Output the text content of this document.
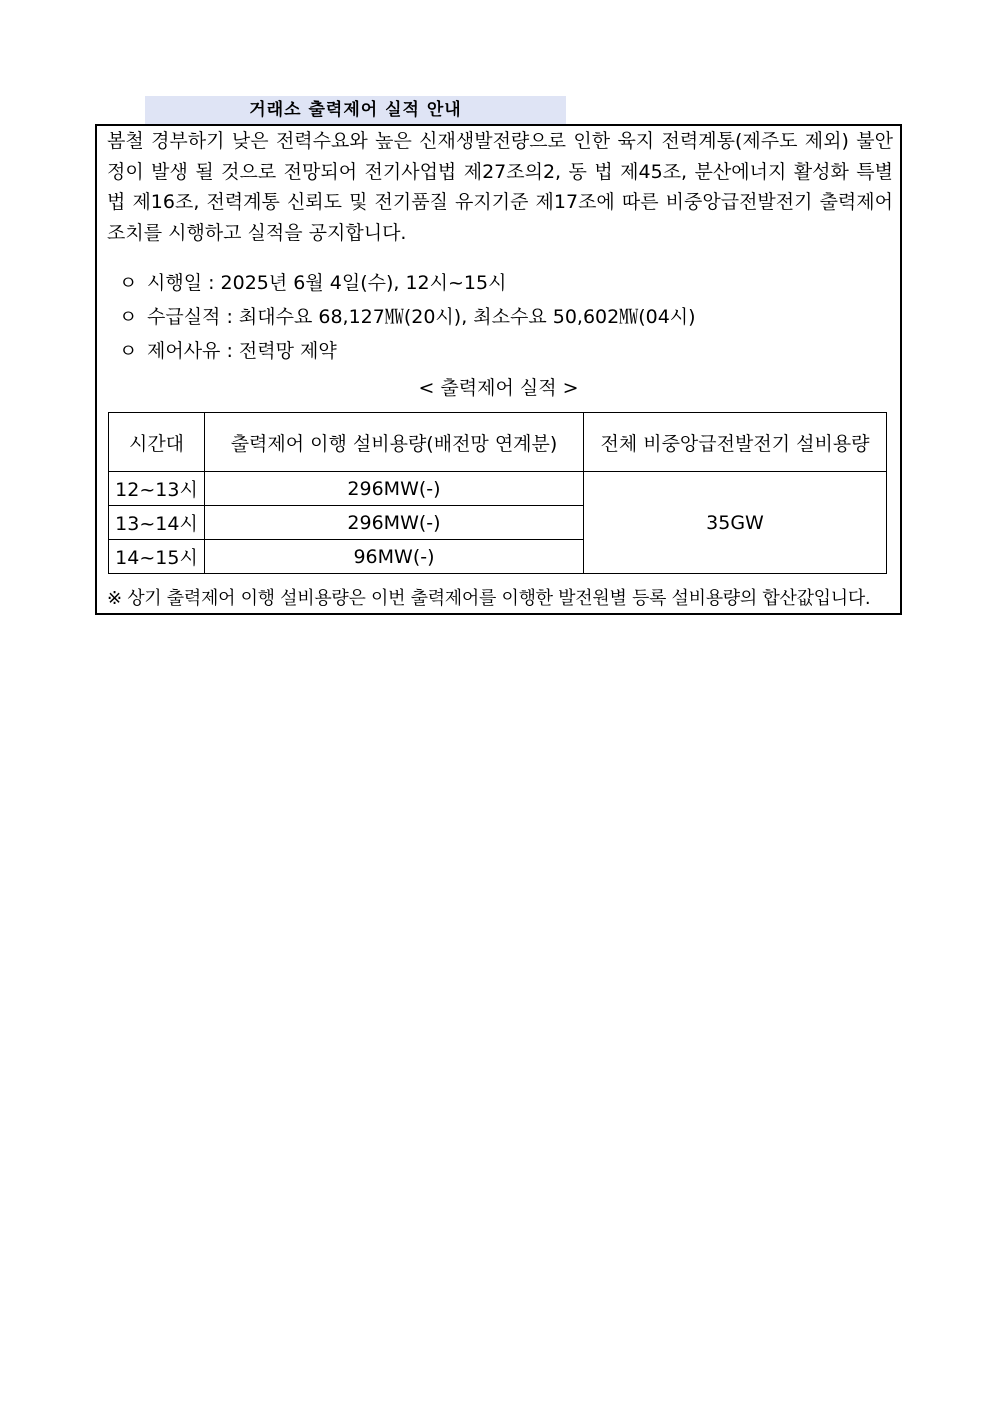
거래소 출력제어 실적 안내

봄철 경부하기 낮은 전력수요와 높은 신재생발전량으로 인한 육지 전력계통(제주도 제외) 불안정이 발생 될 것으로 전망되어 전기사업법 제27조의2, 동 법 제45조, 분산에너지 활성화 특별법 제16조, 전력계통 신뢰도 및 전기품질 유지기준 제17조에 따른 비중앙급전발전기 출력제어 조치를 시행하고 실적을 공지합니다.

ㅇ 시행일 : 2025년 6월 4일(수), 12시~15시
ㅇ 수급실적 : 최대수요 68,127㎿(20시), 최소수요 50,602㎿(04시)
ㅇ 제어사유 : 전력망 제약
< 출력제어 실적 >
시간대	출력제어 이행 설비용량(배전망 연계분)	전체 비중앙급전발전기 설비용량
12~13시	296MW(-)	35GW
13~14시	296MW(-)	
14~15시	96MW(-)	
※ 상기 출력제어 이행 설비용량은 이번 출력제어를 이행한 발전원별 등록 설비용량의 합산값입니다.
